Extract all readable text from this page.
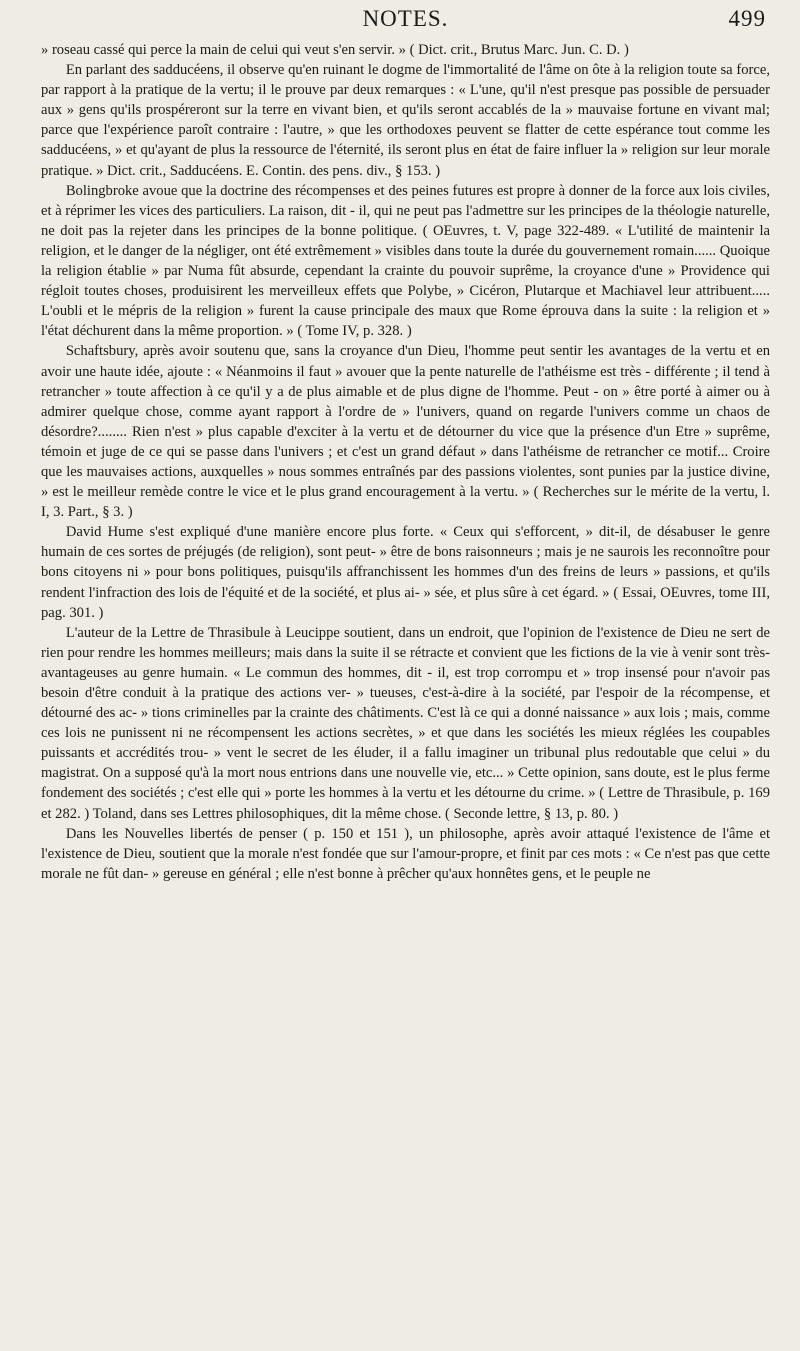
NOTES.	499

» roseau cassé qui perce la main de celui qui veut s'en servir. » ( Dict. crit., Brutus Marc. Jun. C. D. )

En parlant des sadducéens, il observe qu'en ruinant le dogme de l'immortalité de l'âme on ôte à la religion toute sa force, par rapport à la pratique de la vertu; il le prouve par deux remarques : « L'une, qu'il n'est presque pas possible de persuader aux » gens qu'ils prospéreront sur la terre en vivant bien, et qu'ils seront accablés de la » mauvaise fortune en vivant mal; parce que l'expérience paroît contraire : l'autre, » que les orthodoxes peuvent se flatter de cette espérance tout comme les sadducéens, » et qu'ayant de plus la ressource de l'éternité, ils seront plus en état de faire influer la » religion sur leur morale pratique. » Dict. crit., Sadducéens. E. Contin. des pens. div., § 153. )

Bolingbroke avoue que la doctrine des récompenses et des peines futures est propre à donner de la force aux lois civiles, et à réprimer les vices des particuliers. La raison, dit - il, qui ne peut pas l'admettre sur les principes de la théologie naturelle, ne doit pas la rejeter dans les principes de la bonne politique. ( OEuvres, t. V, page 322-489. « L'utilité de maintenir la religion, et le danger de la négliger, ont été extrêmement » visibles dans toute la durée du gouvernement romain...... Quoique la religion établie » par Numa fût absurde, cependant la crainte du pouvoir suprême, la croyance d'une » Providence qui régloit toutes choses, produisirent les merveilleux effets que Polybe, » Cicéron, Plutarque et Machiavel leur attribuent..... L'oubli et le mépris de la religion » furent la cause principale des maux que Rome éprouva dans la suite : la religion et » l'état déchurent dans la même proportion. » ( Tome IV, p. 328. )

Schaftsbury, après avoir soutenu que, sans la croyance d'un Dieu, l'homme peut sentir les avantages de la vertu et en avoir une haute idée, ajoute : « Néanmoins il faut » avouer que la pente naturelle de l'athéisme est très - différente ; il tend à retrancher » toute affection à ce qu'il y a de plus aimable et de plus digne de l'homme. Peut - on » être porté à aimer ou à admirer quelque chose, comme ayant rapport à l'ordre de » l'univers, quand on regarde l'univers comme un chaos de désordre?........ Rien n'est » plus capable d'exciter à la vertu et de détourner du vice que la présence d'un Etre » suprême, témoin et juge de ce qui se passe dans l'univers ; et c'est un grand défaut » dans l'athéisme de retrancher ce motif... Croire que les mauvaises actions, auxquelles » nous sommes entraînés par des passions violentes, sont punies par la justice divine, » est le meilleur remède contre le vice et le plus grand encouragement à la vertu. » ( Recherches sur le mérite de la vertu, l. I, 3. Part., § 3. )

David Hume s'est expliqué d'une manière encore plus forte. « Ceux qui s'efforcent, » dit-il, de désabuser le genre humain de ces sortes de préjugés (de religion), sont peut- » être de bons raisonneurs ; mais je ne saurois les reconnoître pour bons citoyens ni » pour bons politiques, puisqu'ils affranchissent les hommes d'un des freins de leurs » passions, et qu'ils rendent l'infraction des lois de l'équité et de la société, et plus ai- » sée, et plus sûre à cet égard. » ( Essai, OEuvres, tome III, pag. 301. )

L'auteur de la Lettre de Thrasibule à Leucippe soutient, dans un endroit, que l'opinion de l'existence de Dieu ne sert de rien pour rendre les hommes meilleurs; mais dans la suite il se rétracte et convient que les fictions de la vie à venir sont très-avantageuses au genre humain. « Le commun des hommes, dit - il, est trop corrompu et » trop insensé pour n'avoir pas besoin d'être conduit à la pratique des actions ver- » tueuses, c'est-à-dire à la société, par l'espoir de la récompense, et détourné des ac- » tions criminelles par la crainte des châtiments. C'est là ce qui a donné naissance » aux lois ; mais, comme ces lois ne punissent ni ne récompensent les actions secrètes, » et que dans les sociétés les mieux réglées les coupables puissants et accrédités trou- » vent le secret de les éluder, il a fallu imaginer un tribunal plus redoutable que celui » du magistrat. On a supposé qu'à la mort nous entrions dans une nouvelle vie, etc... » Cette opinion, sans doute, est le plus ferme fondement des sociétés ; c'est elle qui » porte les hommes à la vertu et les détourne du crime. » ( Lettre de Thrasibule, p. 169 et 282. ) Toland, dans ses Lettres philosophiques, dit la même chose. ( Seconde lettre, § 13, p. 80. )

Dans les Nouvelles libertés de penser ( p. 150 et 151 ), un philosophe, après avoir attaqué l'existence de l'âme et l'existence de Dieu, soutient que la morale n'est fondée que sur l'amour-propre, et finit par ces mots : « Ce n'est pas que cette morale ne fût dan- » gereuse en général ; elle n'est bonne à prêcher qu'aux honnêtes gens, et le peuple ne
